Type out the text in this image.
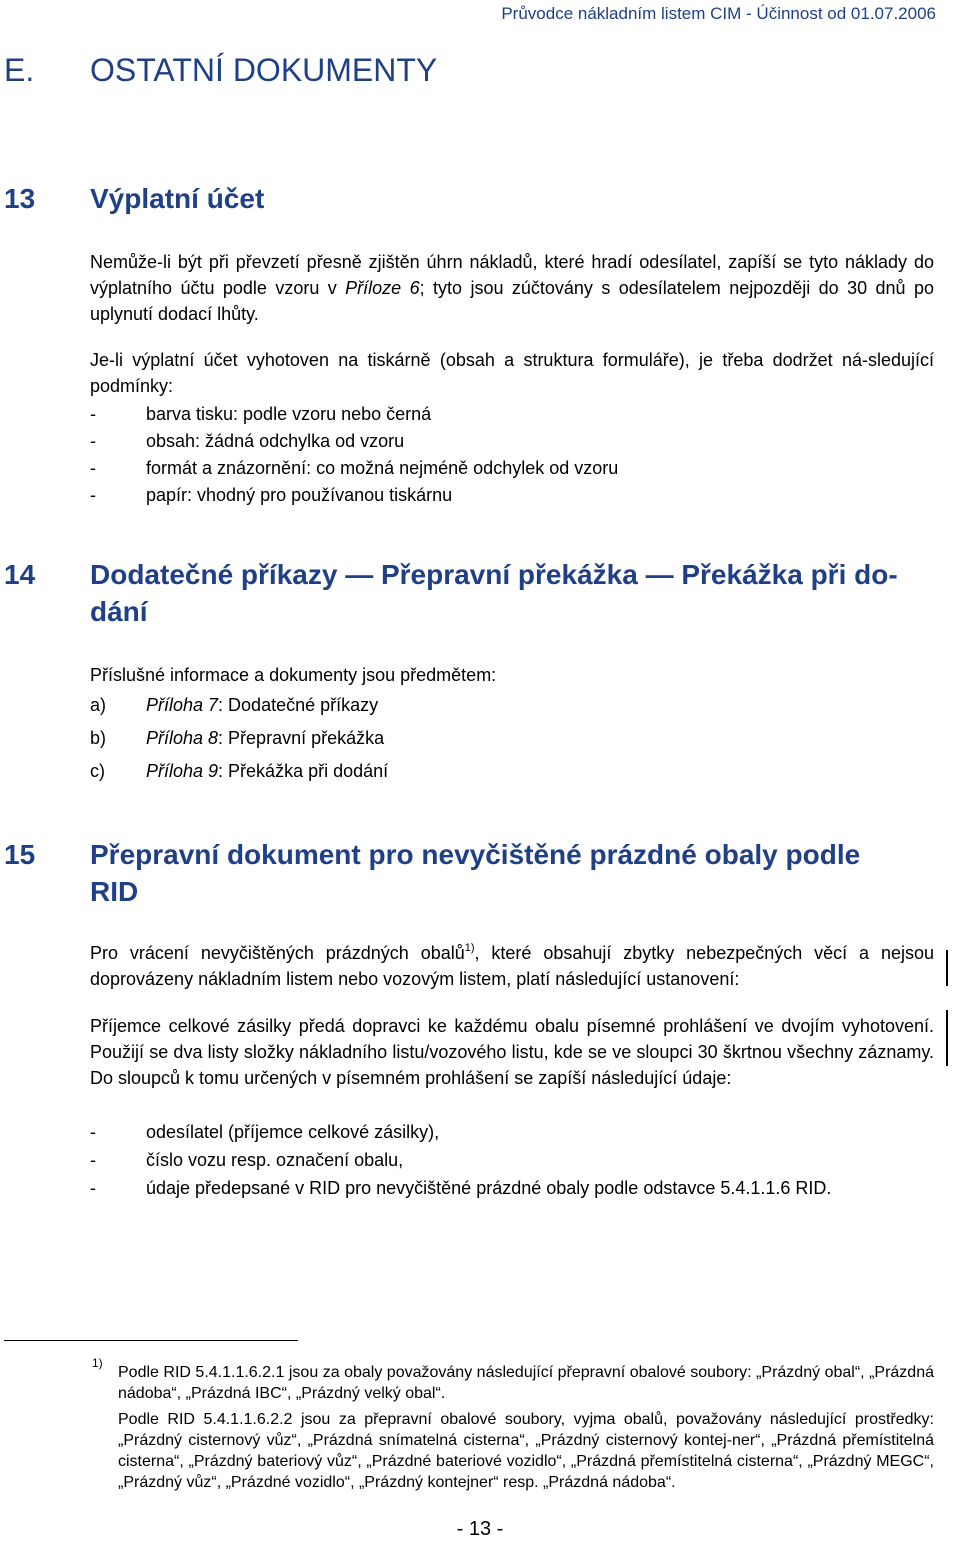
Průvodce nákladním listem CIM - Účinnost od 01.07.2006
E. OSTATNÍ DOKUMENTY
13 Výplatní účet

Nemůže-li být při převzetí přesně zjištěn úhrn nákladů, které hradí odesílatel, zapíší se tyto náklady do výplatního účtu podle vzoru v Příloze 6; tyto jsou zúčtovány s odesílatelem nejpozději do 30 dnů po uplynutí dodací lhůty.

Je-li výplatní účet vyhotoven na tiskárně (obsah a struktura formuláře), je třeba dodržet ná-sledující podmínky:

-	barva tisku: podle vzoru nebo černá
-	obsah: žádná odchylka od vzoru
-	formát a znázornění: co možná nejméně odchylek od vzoru
-	papír: vhodný pro používanou tiskárnu
14 Dodatečné příkazy — Přepravní překážka — Překážka při do-dání
Příslušné informace a dokumenty jsou předmětem:
a) Příloha 7: Dodatečné příkazy
b) Příloha 8: Přepravní překážka
c) Příloha 9: Překážka při dodání
15 Přepravní dokument pro nevyčištěné prázdné obaly podle RID

Pro vrácení nevyčištěných prázdných obalů$^{1)}$, které obsahují zbytky nebezpečných věcí a nejsou doprovázeny nákladním listem nebo vozovým listem, platí následující ustanovení:

Příjemce celkové zásilky předá dopravci ke každému obalu písemné prohlášení ve dvojím vyhotovení. Použijí se dva listy složky nákladního listu/vozového listu, kde se ve sloupci 30 škrtnou všechny záznamy. Do sloupců k tomu určených v písemném prohlášení se zapíší následující údaje:

-	odesílatel (příjemce celkové zásilky),
-	číslo vozu resp. označení obalu,
-	údaje předepsané v RID pro nevyčištěné prázdné obaly podle odstavce 5.4.1.1.6 RID.
1)

Podle RID 5.4.1.1.6.2.1 jsou za obaly považovány následující přepravní obalové soubory: „Prázdný obal“, „Prázdná nádoba“, „Prázdná IBC“, „Prázdný velký obal“.

Podle RID 5.4.1.1.6.2.2 jsou za přepravní obalové soubory, vyjma obalů, považovány následující prostředky: „Prázdný cisternový vůz“, „Prázdná snímatelná cisterna“, „Prázdný cisternový kontej-ner“, „Prázdná přemístitelná cisterna“, „Prázdný bateriový vůz“, „Prázdné bateriové vozidlo“, „Prázdná přemístitelná cisterna“, „Prázdný MEGC“, „Prázdný vůz“, „Prázdné vozidlo“, „Prázdný kontejner“ resp. „Prázdná nádoba“.

- 13 -
